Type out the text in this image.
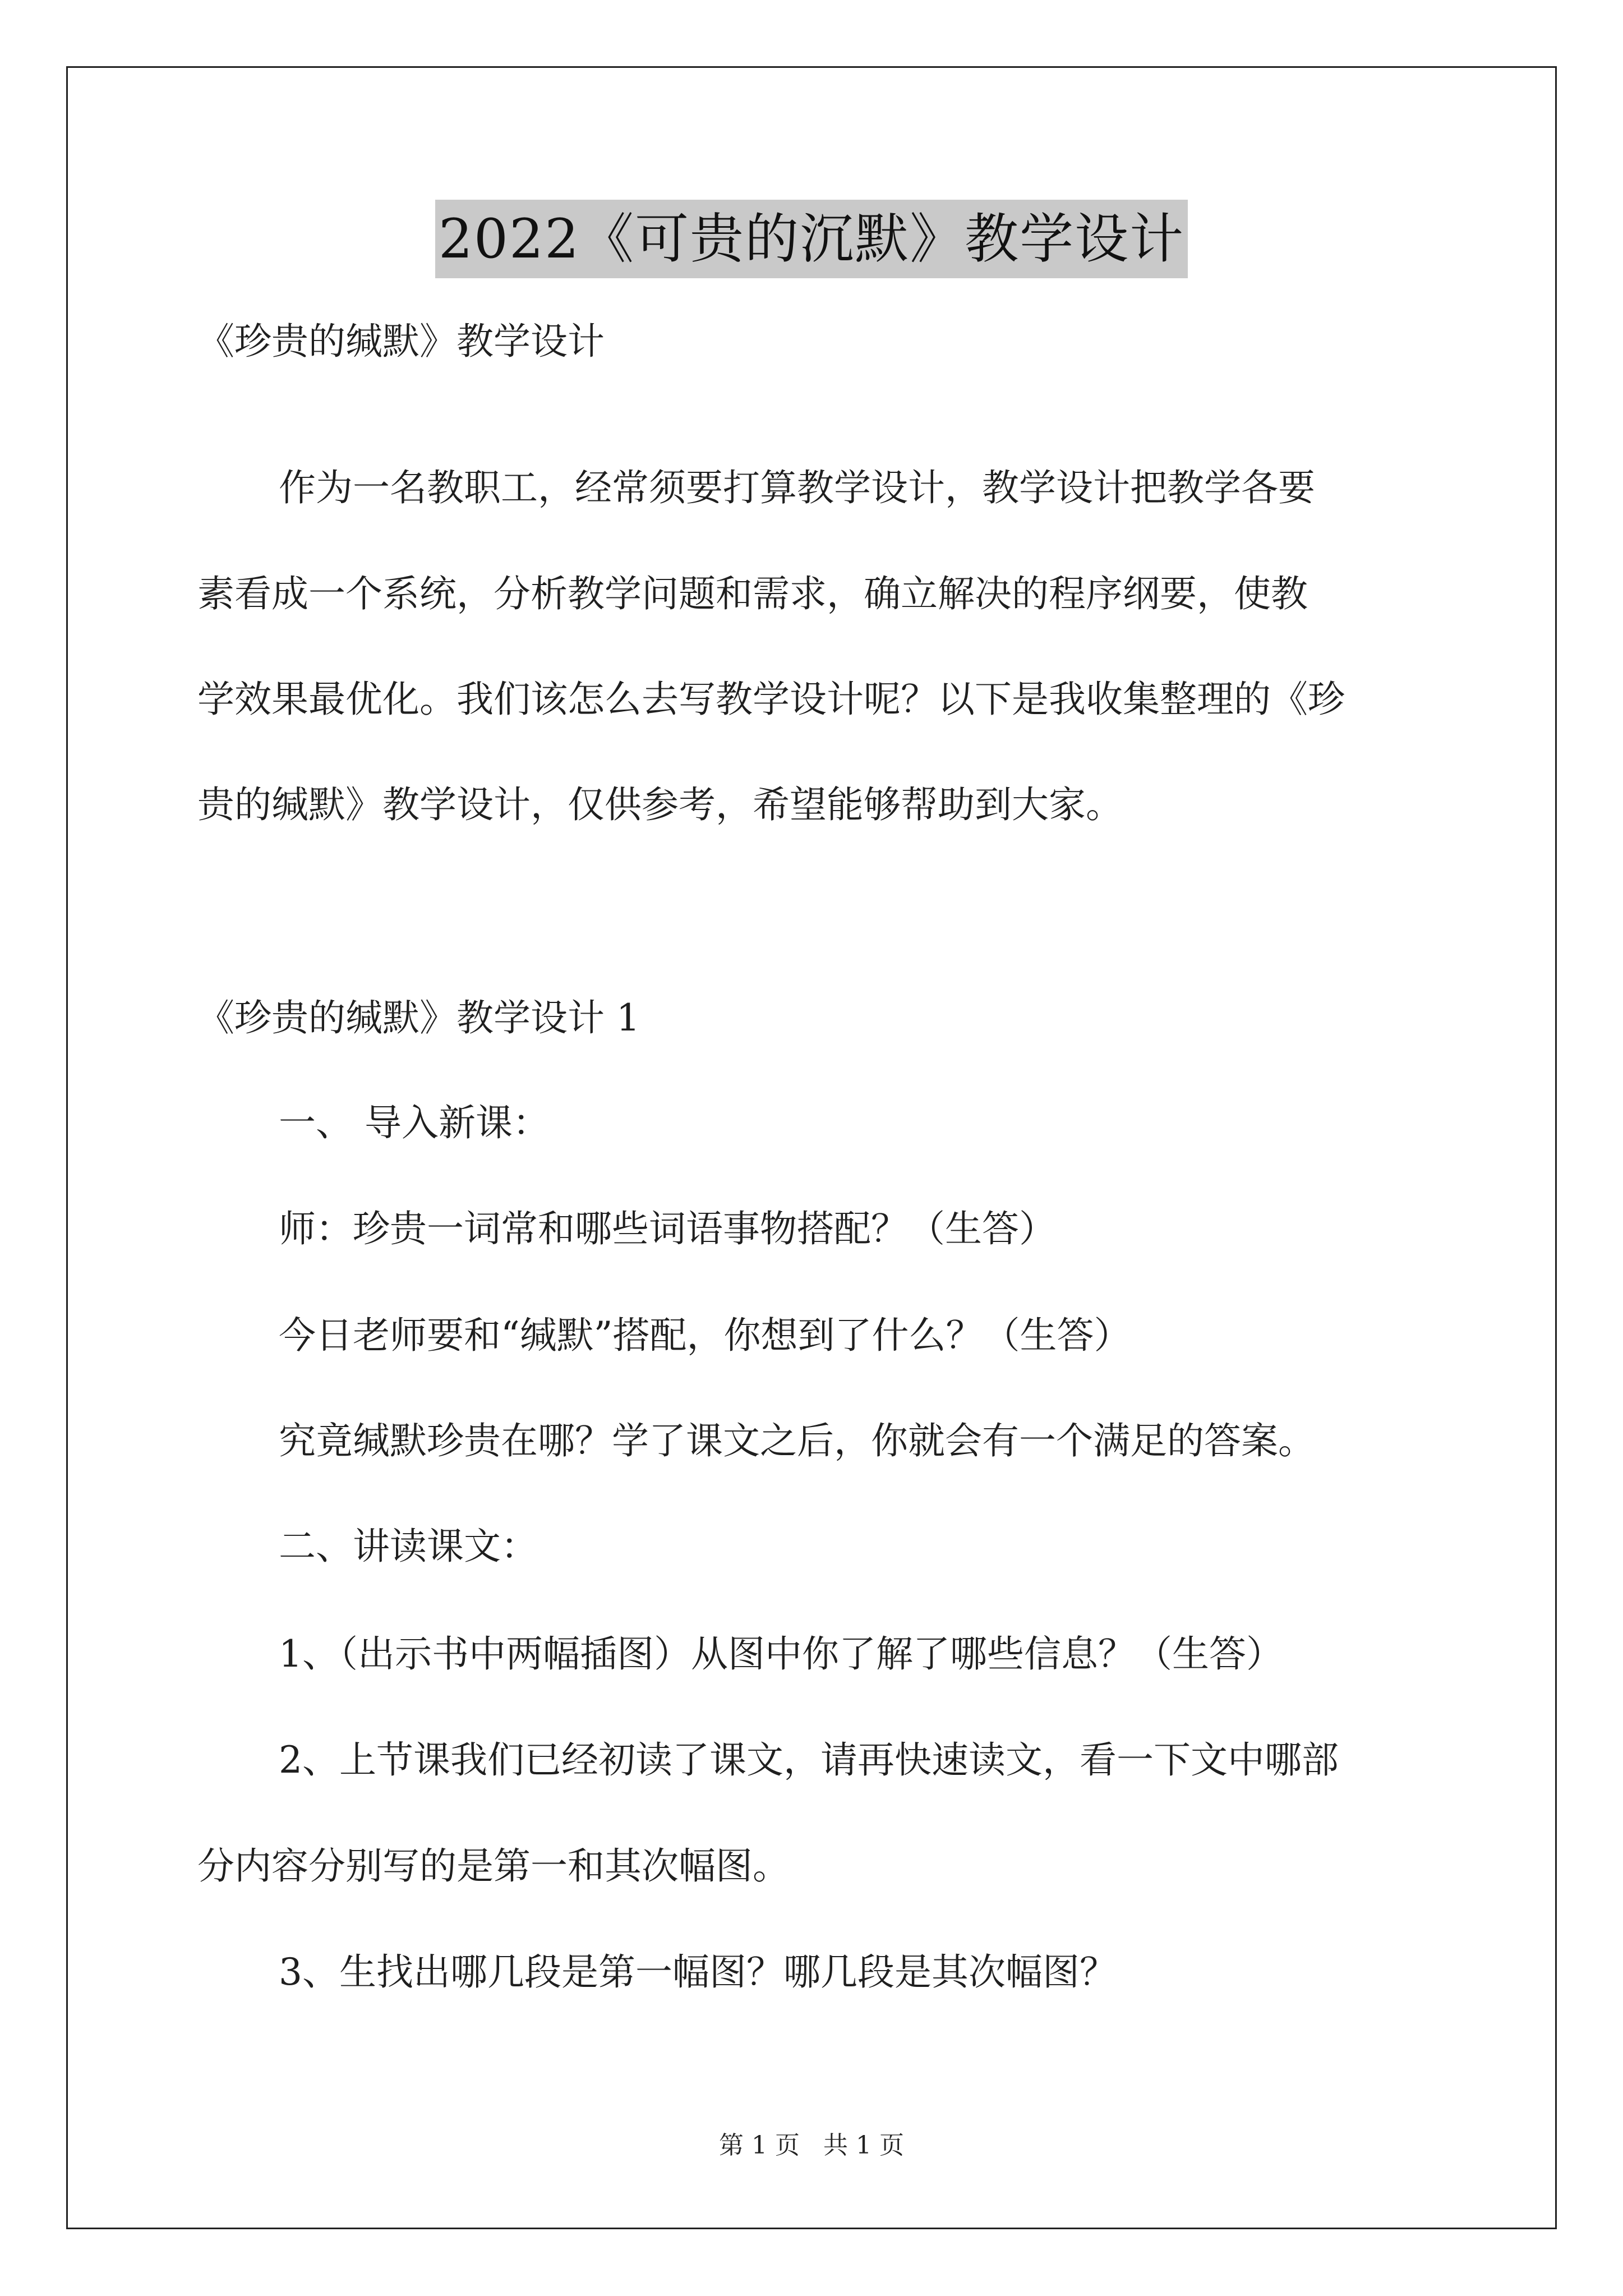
2022《可贵的沉默》教学设计
《珍贵的缄默》教学设计
作为一名教职工，经常须要打算教学设计，教学设计把教学各要
素看成一个系统，分析教学问题和需求，确立解决的程序纲要，使教
学效果最优化。我们该怎么去写教学设计呢？以下是我收集整理的《珍
贵的缄默》教学设计，仅供参考，希望能够帮助到大家。
《珍贵的缄默》教学设计 1
一、 导入新课：
师：珍贵一词常和哪些词语事物搭配？（生答）
今日老师要和“缄默”搭配，你想到了什么？（生答）
究竟缄默珍贵在哪？学了课文之后，你就会有一个满足的答案。
二、讲读课文：
1、（出示书中两幅插图）从图中你了解了哪些信息？（生答）
2、上节课我们已经初读了课文，请再快速读文，看一下文中哪部
分内容分别写的是第一和其次幅图。
3、生找出哪几段是第一幅图？哪几段是其次幅图？
第 1 页 共 1 页
